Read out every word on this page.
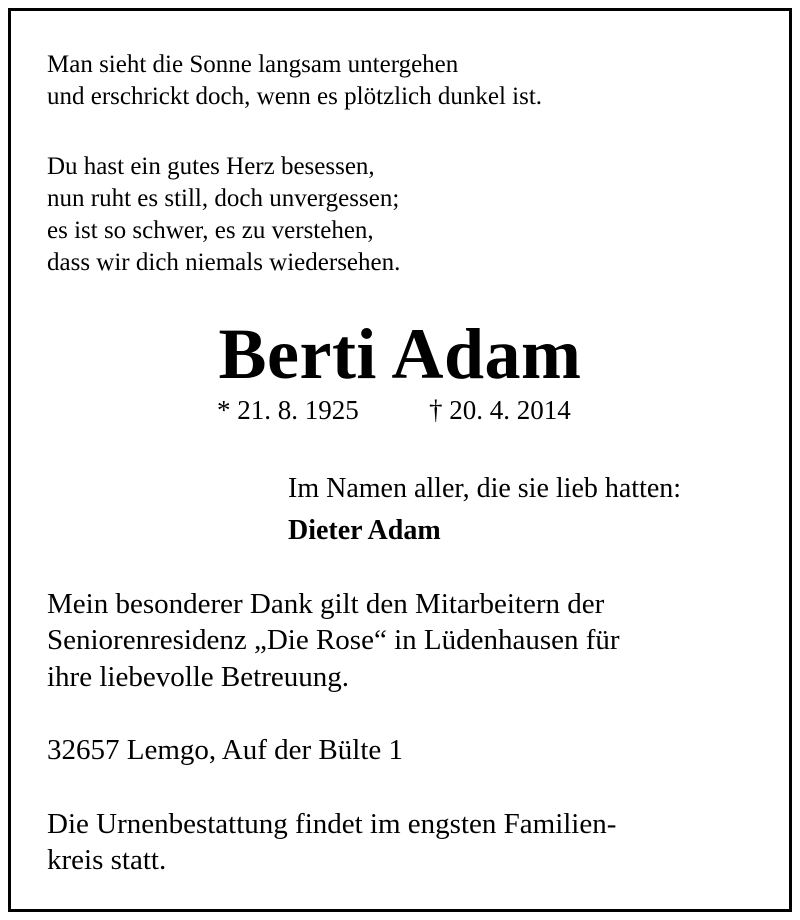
Man sieht die Sonne langsam untergehen
und erschrickt doch, wenn es plötzlich dunkel ist.
Du hast ein gutes Herz besessen,
nun ruht es still, doch unvergessen;
es ist so schwer, es zu verstehen,
dass wir dich niemals wiedersehen.
Berti Adam
* 21. 8. 1925	† 20. 4. 2014
Im Namen aller, die sie lieb hatten:
Dieter Adam
Mein besonderer Dank gilt den Mitarbeitern der
Seniorenresidenz „Die Rose“ in Lüdenhausen für
ihre liebevolle Betreuung.
32657 Lemgo, Auf der Bülte 1
Die Urnenbestattung findet im engsten Familien-
kreis statt.
